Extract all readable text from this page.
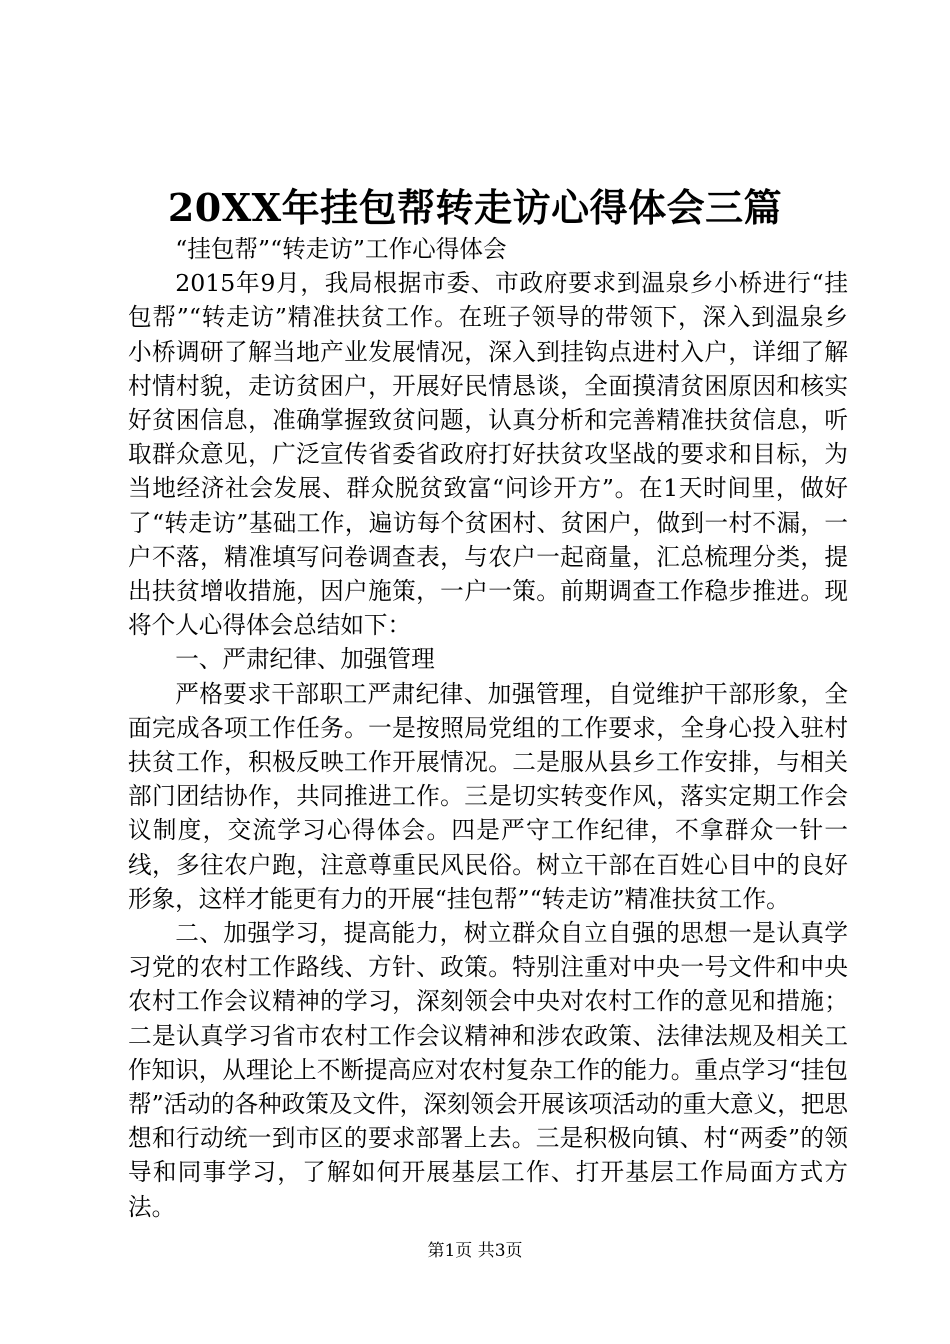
20XX年挂包帮转走访心得体会三篇

“挂包帮”“转走访”工作心得体会

2015年9月，我局根据市委、市政府要求到温泉乡小桥进行“挂包帮”“转走访”精准扶贫工作。在班子领导的带领下，深入到温泉乡小桥调研了解当地产业发展情况，深入到挂钩点进村入户，详细了解村情村貌，走访贫困户，开展好民情恳谈，全面摸清贫困原因和核实好贫困信息，准确掌握致贫问题，认真分析和完善精准扶贫信息，听取群众意见，广泛宣传省委省政府打好扶贫攻坚战的要求和目标，为当地经济社会发展、群众脱贫致富“问诊开方”。在1天时间里，做好了“转走访”基础工作，遍访每个贫困村、贫困户，做到一村不漏，一户不落，精准填写问卷调查表，与农户一起商量，汇总梳理分类，提出扶贫增收措施，因户施策，一户一策。前期调查工作稳步推进。现将个人心得体会总结如下：

一、严肃纪律、加强管理

严格要求干部职工严肃纪律、加强管理，自觉维护干部形象，全面完成各项工作任务。一是按照局党组的工作要求，全身心投入驻村扶贫工作，积极反映工作开展情况。二是服从县乡工作安排，与相关部门团结协作，共同推进工作。三是切实转变作风，落实定期工作会议制度，交流学习心得体会。四是严守工作纪律，不拿群众一针一线，多往农户跑，注意尊重民风民俗。树立干部在百姓心目中的良好形象，这样才能更有力的开展“挂包帮”“转走访”精准扶贫工作。

二、加强学习，提高能力，树立群众自立自强的思想一是认真学习党的农村工作路线、方针、政策。特别注重对中央一号文件和中央农村工作会议精神的学习，深刻领会中央对农村工作的意见和措施；二是认真学习省市农村工作会议精神和涉农政策、法律法规及相关工作知识，从理论上不断提高应对农村复杂工作的能力。重点学习“挂包帮”活动的各种政策及文件，深刻领会开展该项活动的重大意义，把思想和行动统一到市区的要求部署上去。三是积极向镇、村“两委”的领导和同事学习，了解如何开展基层工作、打开基层工作局面方式方法。

第1页 共3页
